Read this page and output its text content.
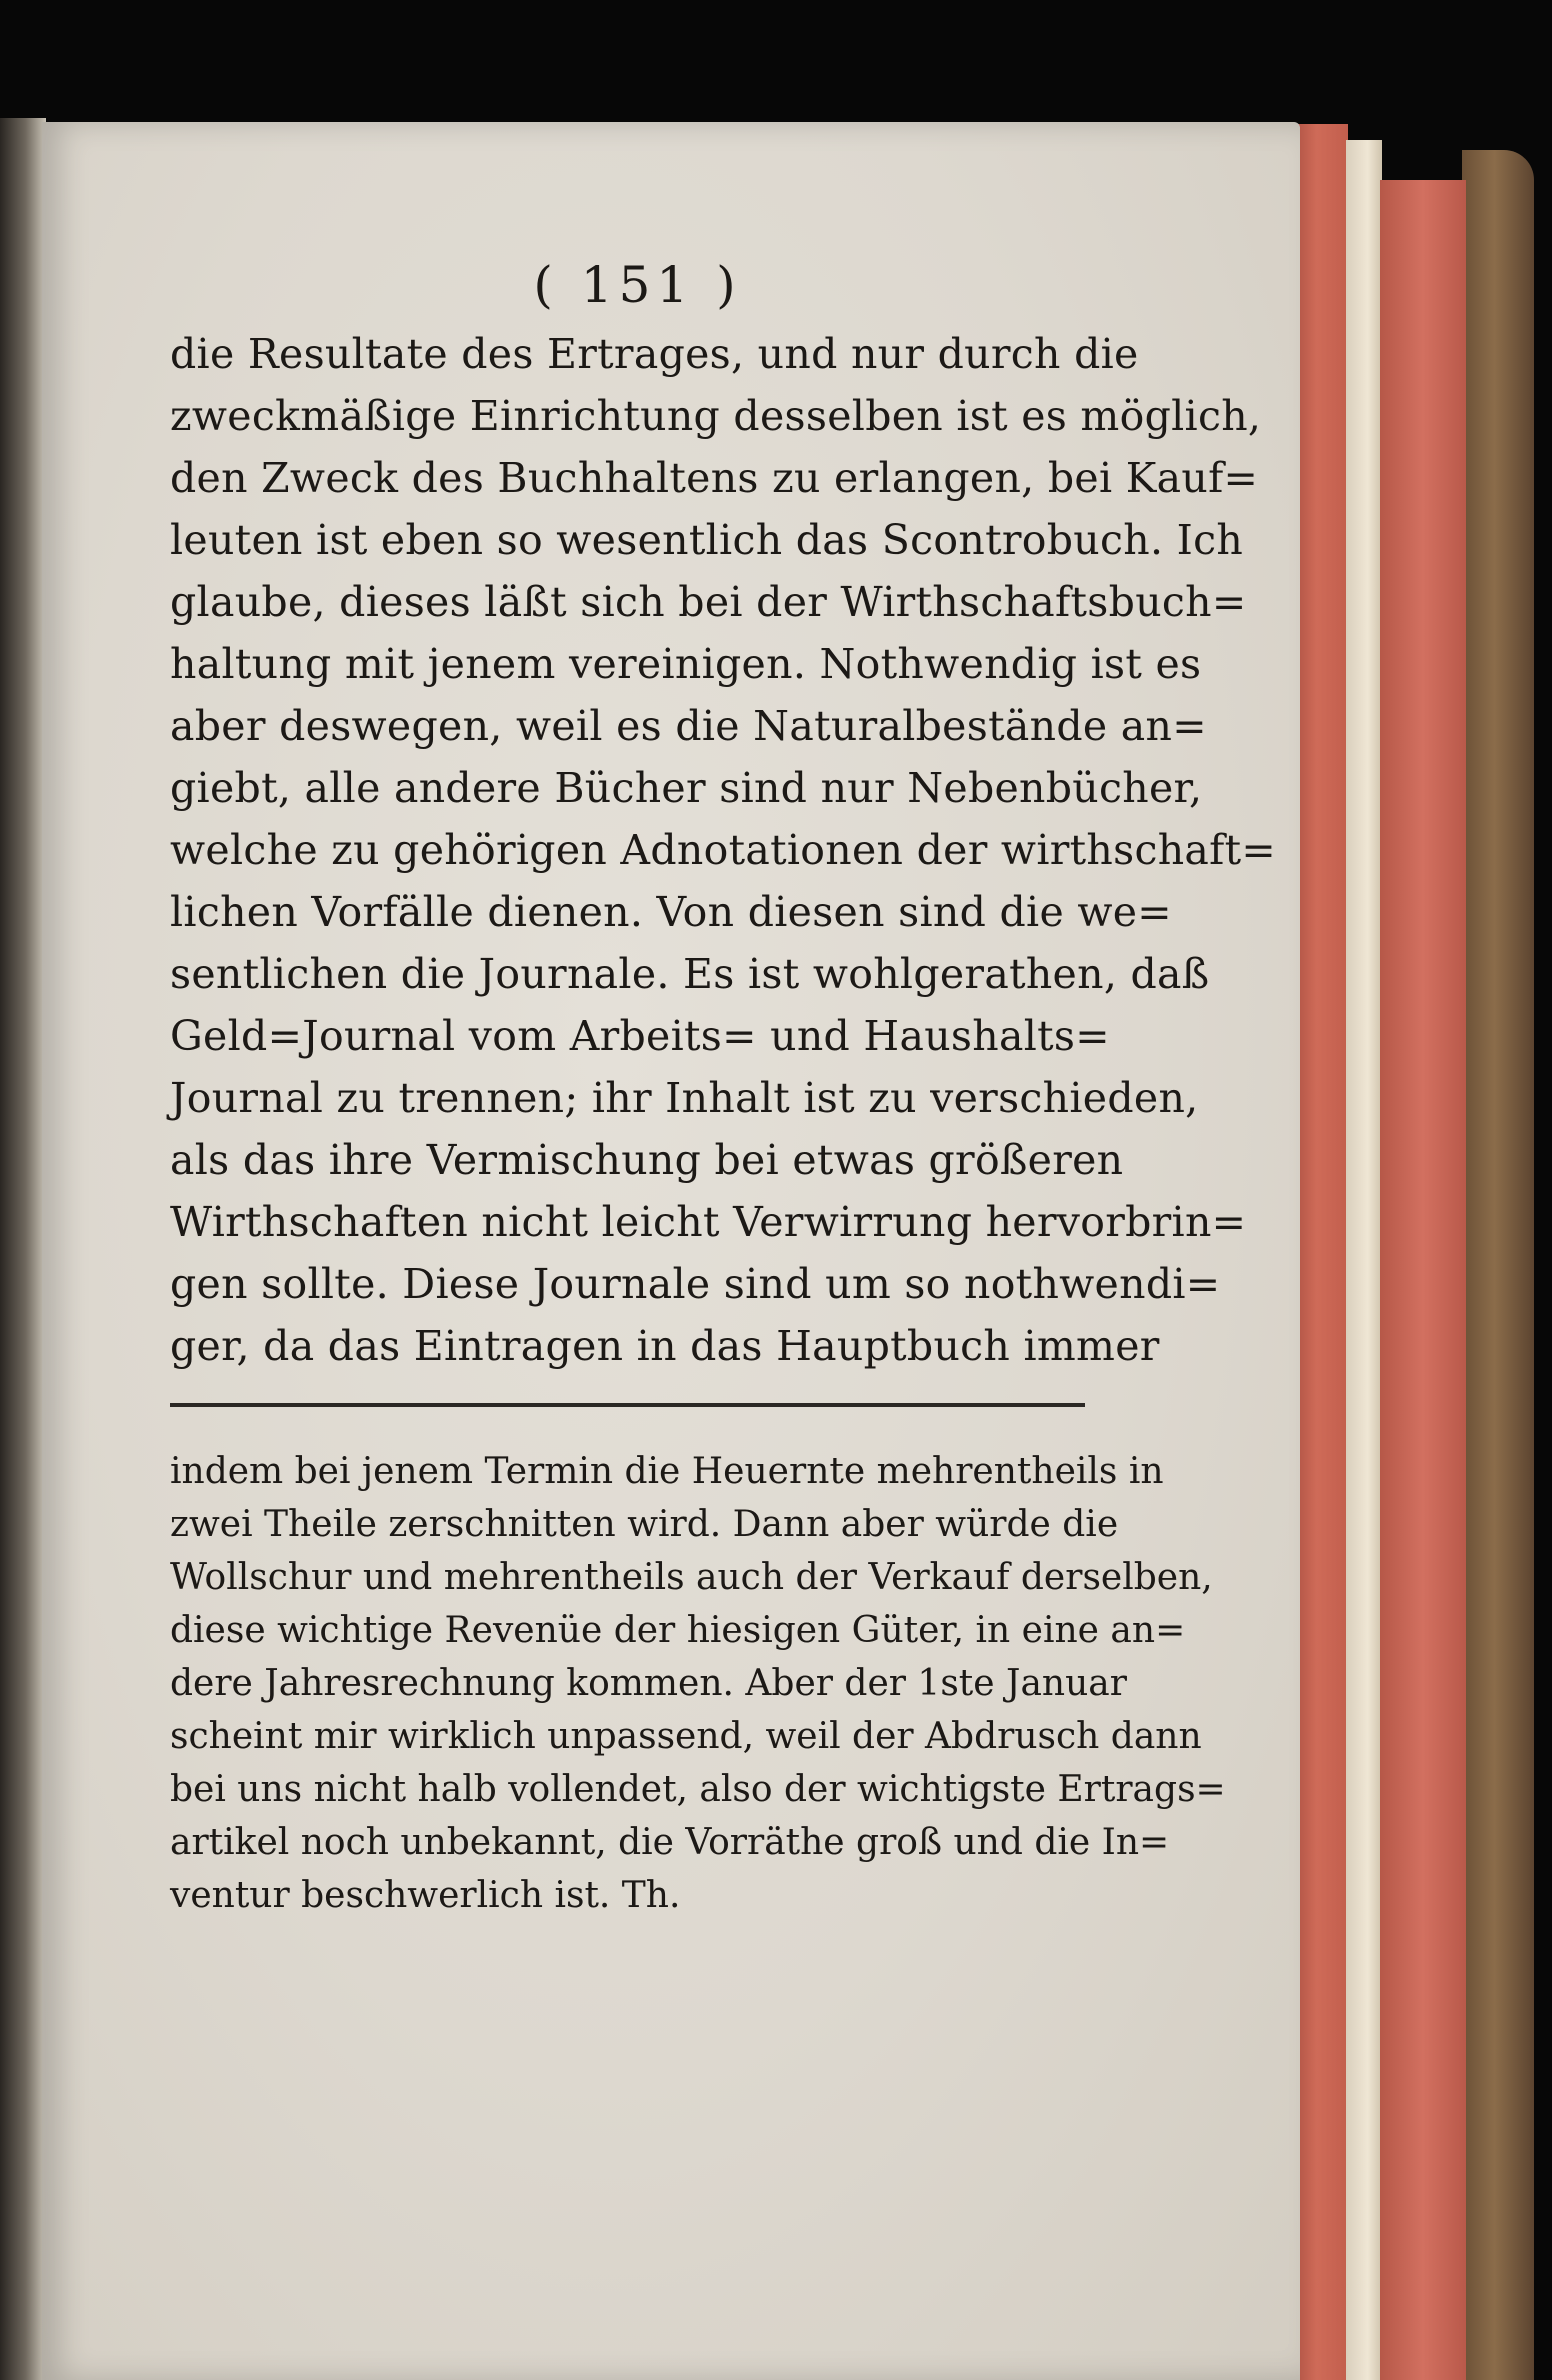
( 151 )
die Resultate des Ertrages, und nur durch die
zweckmäßige Einrichtung desselben ist es möglich,
den Zweck des Buchhaltens zu erlangen, bei Kauf=
leuten ist eben so wesentlich das Scontrobuch. Ich
glaube, dieses läßt sich bei der Wirthschaftsbuch=
haltung mit jenem vereinigen. Nothwendig ist es
aber deswegen, weil es die Naturalbestände an=
giebt, alle andere Bücher sind nur Nebenbücher,
welche zu gehörigen Adnotationen der wirthschaft=
lichen Vorfälle dienen. Von diesen sind die we=
sentlichen die Journale. Es ist wohlgerathen, daß
Geld=Journal vom Arbeits= und Haushalts=
Journal zu trennen; ihr Inhalt ist zu verschieden,
als das ihre Vermischung bei etwas größeren
Wirthschaften nicht leicht Verwirrung hervorbrin=
gen sollte. Diese Journale sind um so nothwendi=
ger, da das Eintragen in das Hauptbuch immer
indem bei jenem Termin die Heuernte mehrentheils in
zwei Theile zerschnitten wird. Dann aber würde die
Wollschur und mehrentheils auch der Verkauf derselben,
diese wichtige Revenüe der hiesigen Güter, in eine an=
dere Jahresrechnung kommen. Aber der 1ste Januar
scheint mir wirklich unpassend, weil der Abdrusch dann
bei uns nicht halb vollendet, also der wichtigste Ertrags=
artikel noch unbekannt, die Vorräthe groß und die In=
ventur beschwerlich ist. Th.
